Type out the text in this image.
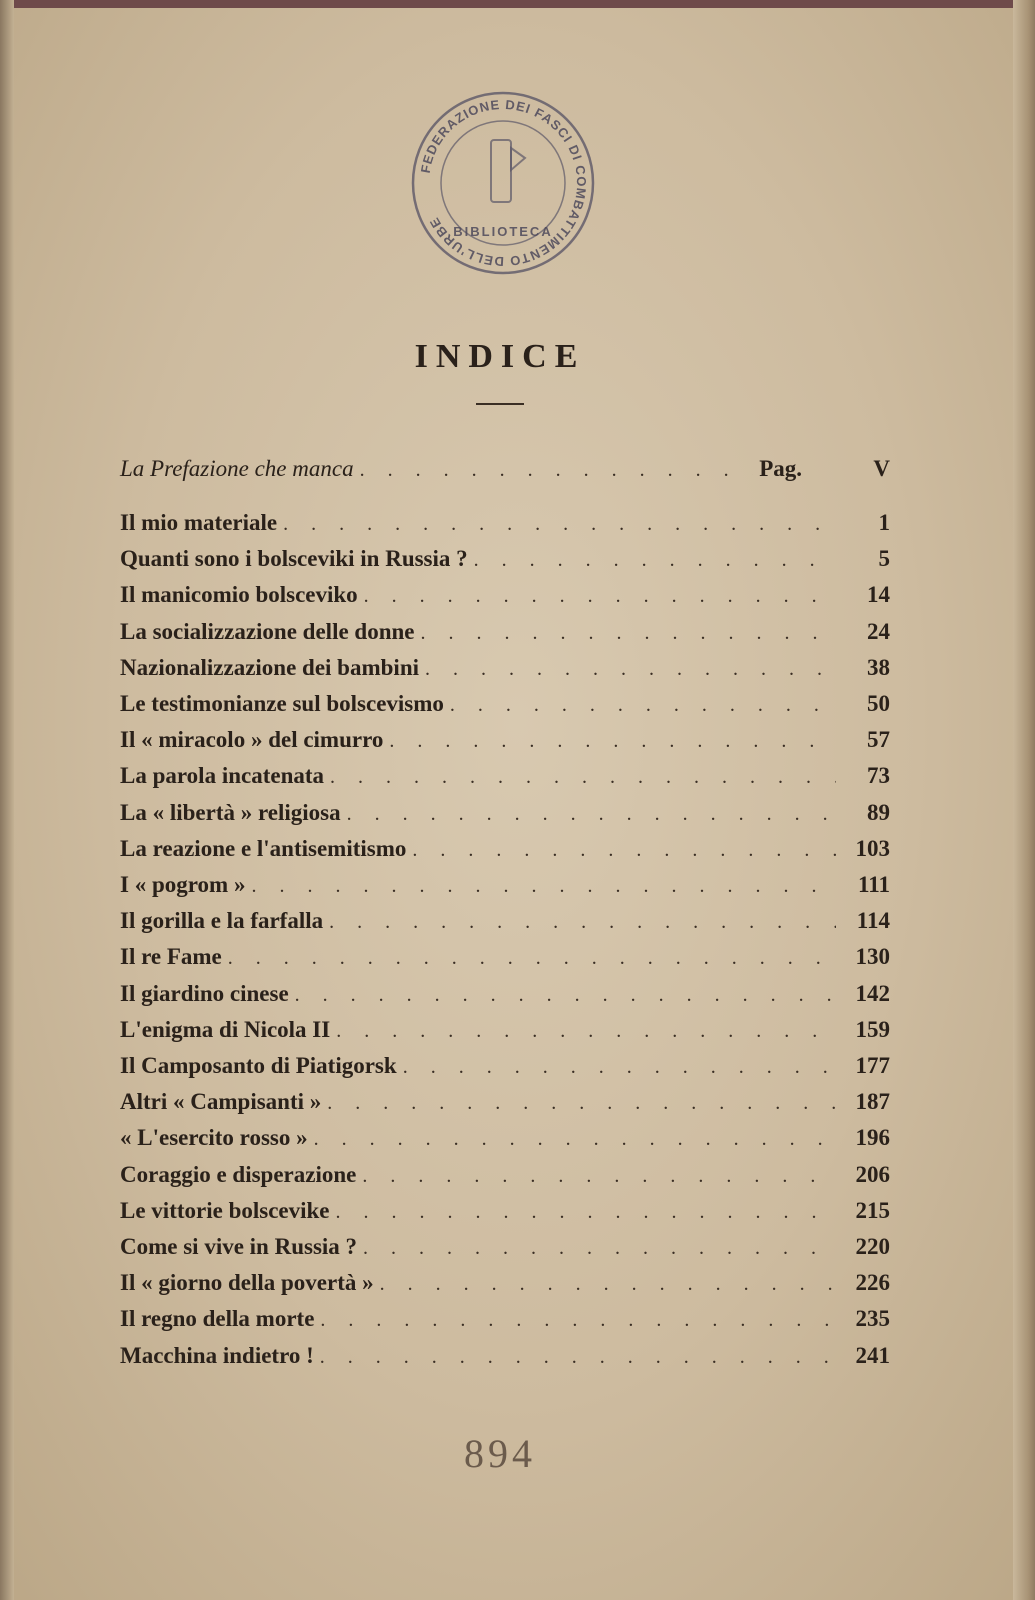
FEDERAZIONE DEI FASCI DI COMBATTIMENTO DELL'URBE
BIBLIOTECA
INDICE
La Prefazione che manca . . .	Pag.	V
Il mio materiale . . .	1
Quanti sono i bolsceviki in Russia ? . . .	5
Il manicomio bolsceviko . . .	14
La socializzazione delle donne . . .	24
Nazionalizzazione dei bambini . . .	38
Le testimonianze sul bolscevismo . . .	50
Il « miracolo » del cimurro . . .	57
La parola incatenata . . .	73
La « libertà » religiosa . . .	89
La reazione e l'antisemitismo . . .	103
I « pogrom » . . .	111
Il gorilla e la farfalla . . .	114
Il re Fame . . .	130
Il giardino cinese . . .	142
L'enigma di Nicola II . . .	159
Il Camposanto di Piatigorsk . . .	177
Altri « Campisanti » . . .	187
« L'esercito rosso » . . .	196
Coraggio e disperazione . . .	206
Le vittorie bolscevike . . .	215
Come si vive in Russia ? . . .	220
Il « giorno della povertà » . . .	226
Il regno della morte . . .	235
Macchina indietro ! . . .	241
894
